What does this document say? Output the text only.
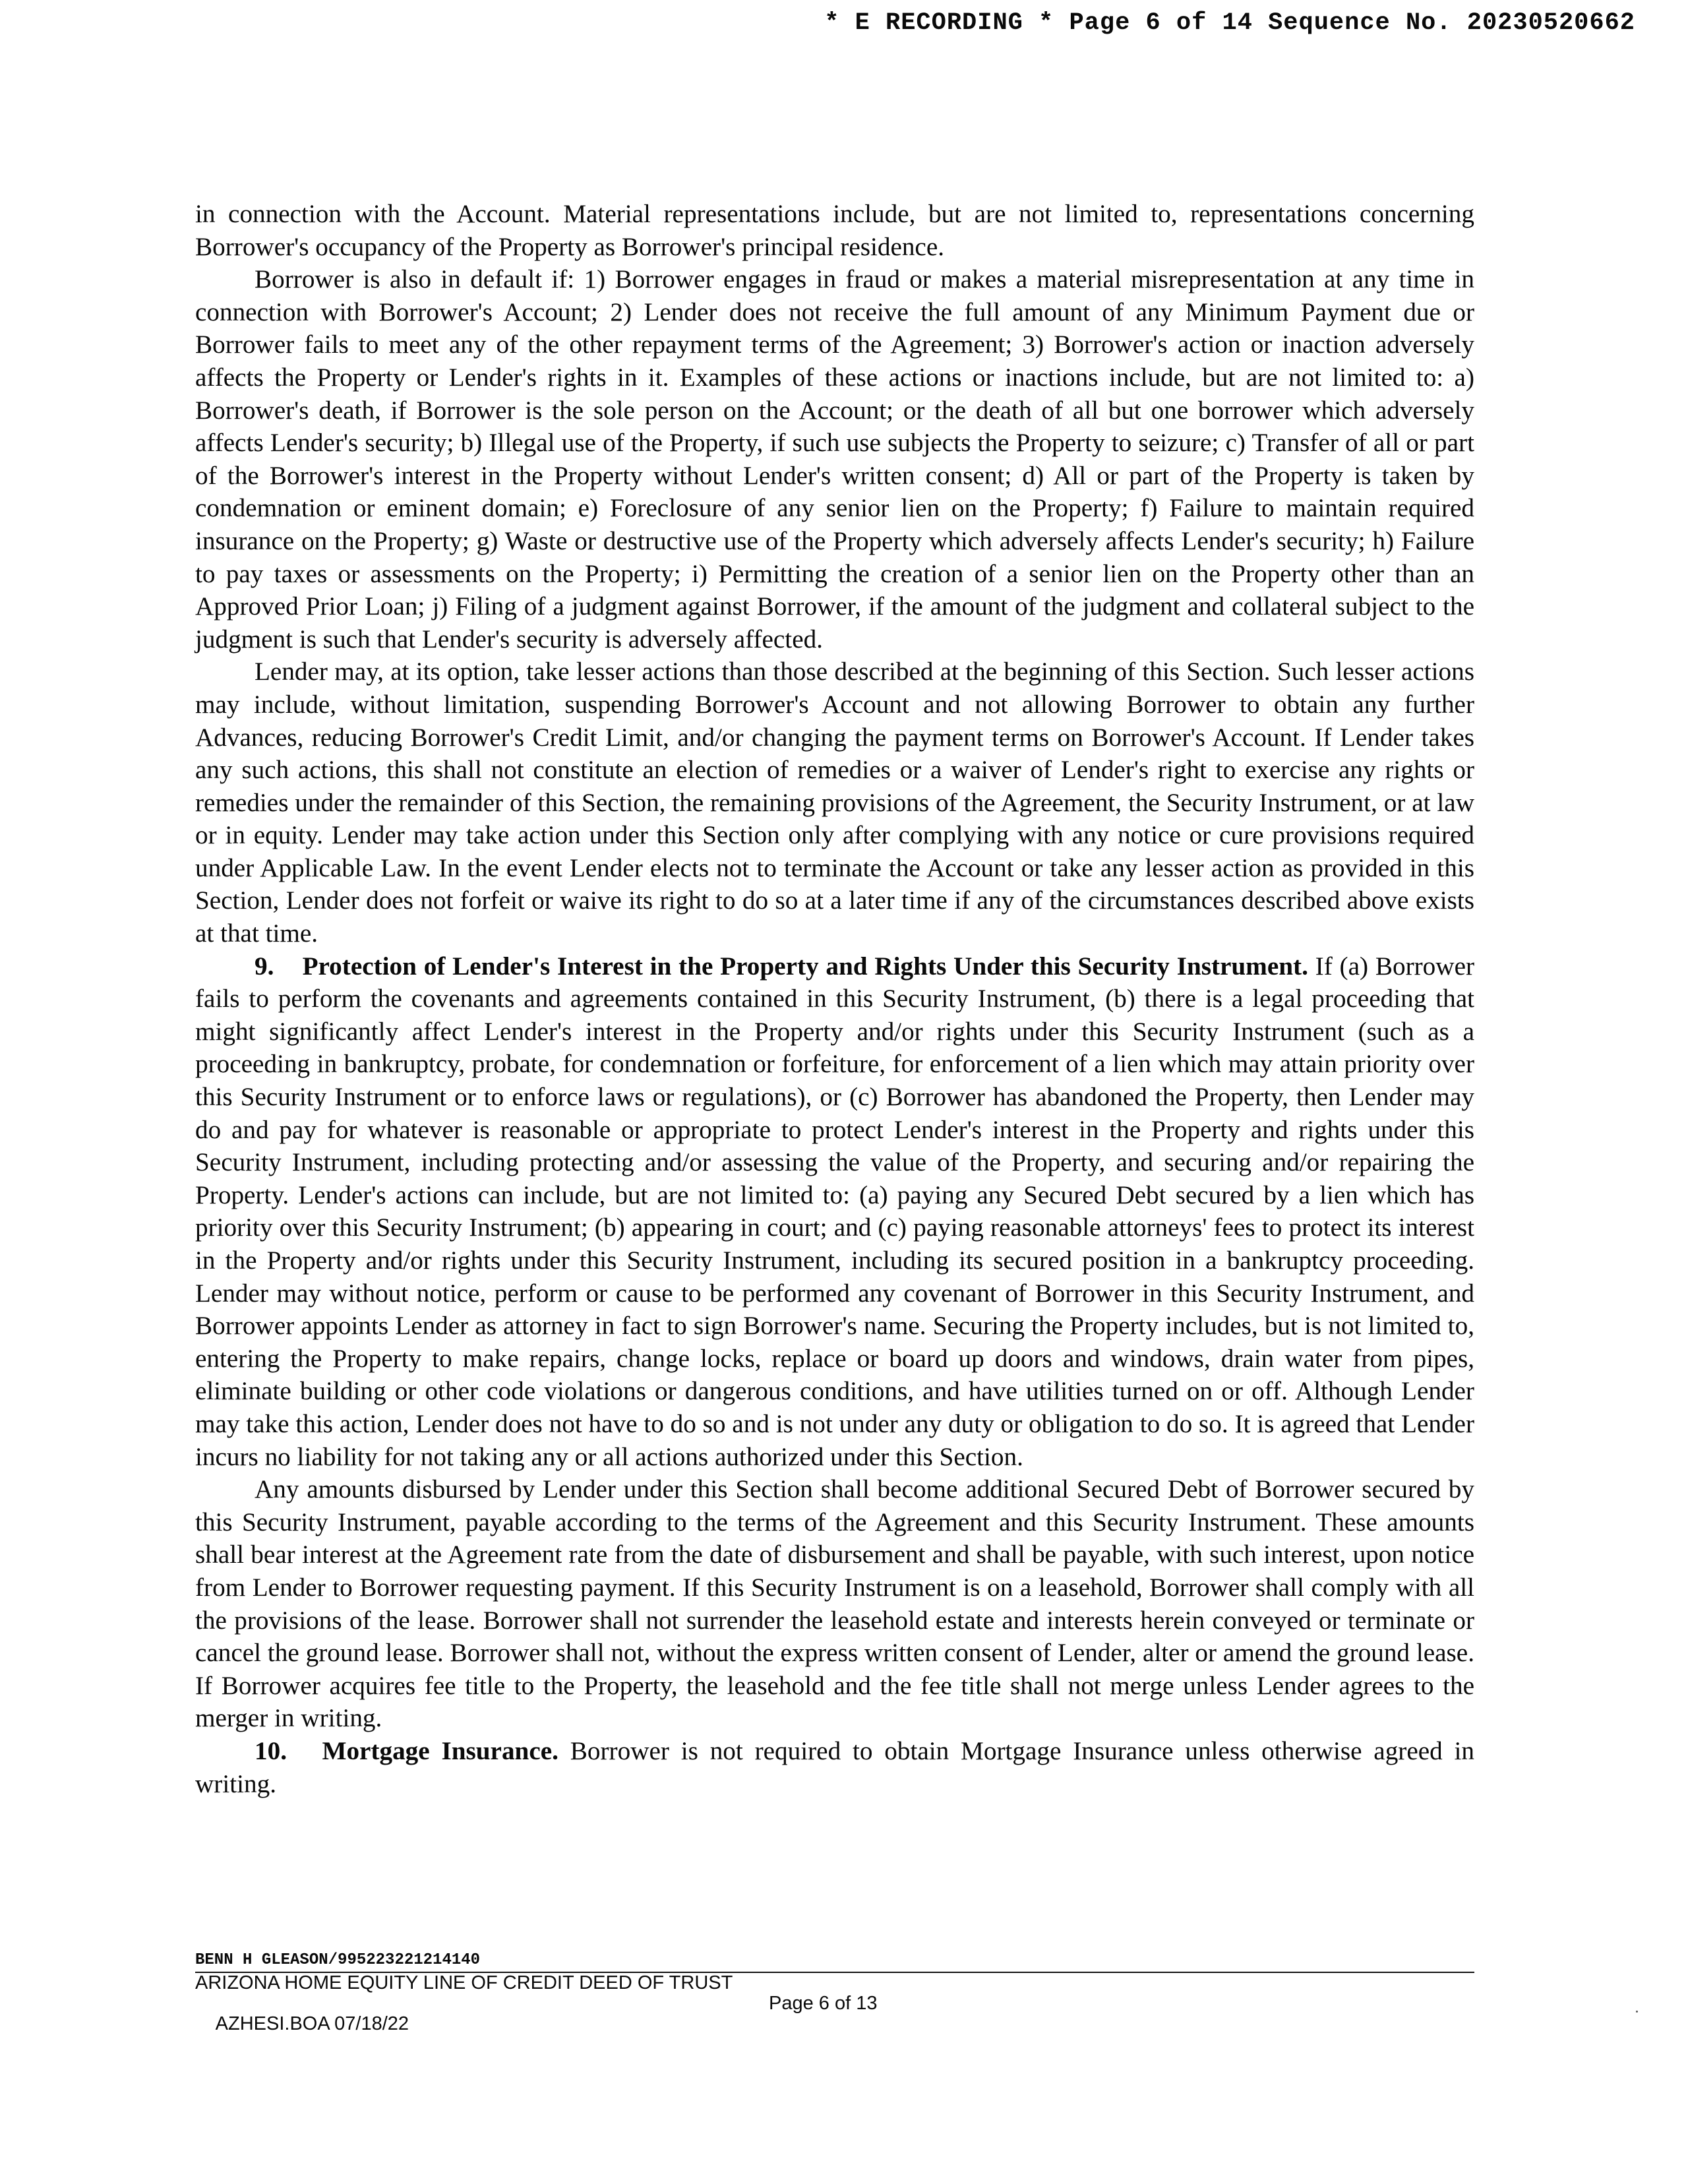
* E RECORDING * Page 6 of 14 Sequence No. 20230520662

in connection with the Account. Material representations include, but are not limited to, representations concerning Borrower's occupancy of the Property as Borrower's principal residence.

Borrower is also in default if: 1) Borrower engages in fraud or makes a material misrepresentation at any time in connection with Borrower's Account; 2) Lender does not receive the full amount of any Minimum Payment due or Borrower fails to meet any of the other repayment terms of the Agreement; 3) Borrower's action or inaction adversely affects the Property or Lender's rights in it. Examples of these actions or inactions include, but are not limited to: a) Borrower's death, if Borrower is the sole person on the Account; or the death of all but one borrower which adversely affects Lender's security; b) Illegal use of the Property, if such use subjects the Property to seizure; c) Transfer of all or part of the Borrower's interest in the Property without Lender's written consent; d) All or part of the Property is taken by condemnation or eminent domain; e) Foreclosure of any senior lien on the Property; f) Failure to maintain required insurance on the Property; g) Waste or destructive use of the Property which adversely affects Lender's security; h) Failure to pay taxes or assessments on the Property; i) Permitting the creation of a senior lien on the Property other than an Approved Prior Loan; j) Filing of a judgment against Borrower, if the amount of the judgment and collateral subject to the judgment is such that Lender's security is adversely affected.

Lender may, at its option, take lesser actions than those described at the beginning of this Section. Such lesser actions may include, without limitation, suspending Borrower's Account and not allowing Borrower to obtain any further Advances, reducing Borrower's Credit Limit, and/or changing the payment terms on Borrower's Account. If Lender takes any such actions, this shall not constitute an election of remedies or a waiver of Lender's right to exercise any rights or remedies under the remainder of this Section, the remaining provisions of the Agreement, the Security Instrument, or at law or in equity. Lender may take action under this Section only after complying with any notice or cure provisions required under Applicable Law. In the event Lender elects not to terminate the Account or take any lesser action as provided in this Section, Lender does not forfeit or waive its right to do so at a later time if any of the circumstances described above exists at that time.

9. Protection of Lender's Interest in the Property and Rights Under this Security Instrument. If (a) Borrower fails to perform the covenants and agreements contained in this Security Instrument, (b) there is a legal proceeding that might significantly affect Lender's interest in the Property and/or rights under this Security Instrument (such as a proceeding in bankruptcy, probate, for condemnation or forfeiture, for enforcement of a lien which may attain priority over this Security Instrument or to enforce laws or regulations), or (c) Borrower has abandoned the Property, then Lender may do and pay for whatever is reasonable or appropriate to protect Lender's interest in the Property and rights under this Security Instrument, including protecting and/or assessing the value of the Property, and securing and/or repairing the Property. Lender's actions can include, but are not limited to: (a) paying any Secured Debt secured by a lien which has priority over this Security Instrument; (b) appearing in court; and (c) paying reasonable attorneys' fees to protect its interest in the Property and/or rights under this Security Instrument, including its secured position in a bankruptcy proceeding. Lender may without notice, perform or cause to be performed any covenant of Borrower in this Security Instrument, and Borrower appoints Lender as attorney in fact to sign Borrower's name. Securing the Property includes, but is not limited to, entering the Property to make repairs, change locks, replace or board up doors and windows, drain water from pipes, eliminate building or other code violations or dangerous conditions, and have utilities turned on or off. Although Lender may take this action, Lender does not have to do so and is not under any duty or obligation to do so. It is agreed that Lender incurs no liability for not taking any or all actions authorized under this Section.

Any amounts disbursed by Lender under this Section shall become additional Secured Debt of Borrower secured by this Security Instrument, payable according to the terms of the Agreement and this Security Instrument. These amounts shall bear interest at the Agreement rate from the date of disbursement and shall be payable, with such interest, upon notice from Lender to Borrower requesting payment. If this Security Instrument is on a leasehold, Borrower shall comply with all the provisions of the lease. Borrower shall not surrender the leasehold estate and interests herein conveyed or terminate or cancel the ground lease. Borrower shall not, without the express written consent of Lender, alter or amend the ground lease. If Borrower acquires fee title to the Property, the leasehold and the fee title shall not merge unless Lender agrees to the merger in writing.

10. Mortgage Insurance. Borrower is not required to obtain Mortgage Insurance unless otherwise agreed in writing.

BENN H GLEASON/995223221214140
ARIZONA HOME EQUITY LINE OF CREDIT DEED OF TRUST

AZHESI.BOA 07/18/22

Page 6 of 13
